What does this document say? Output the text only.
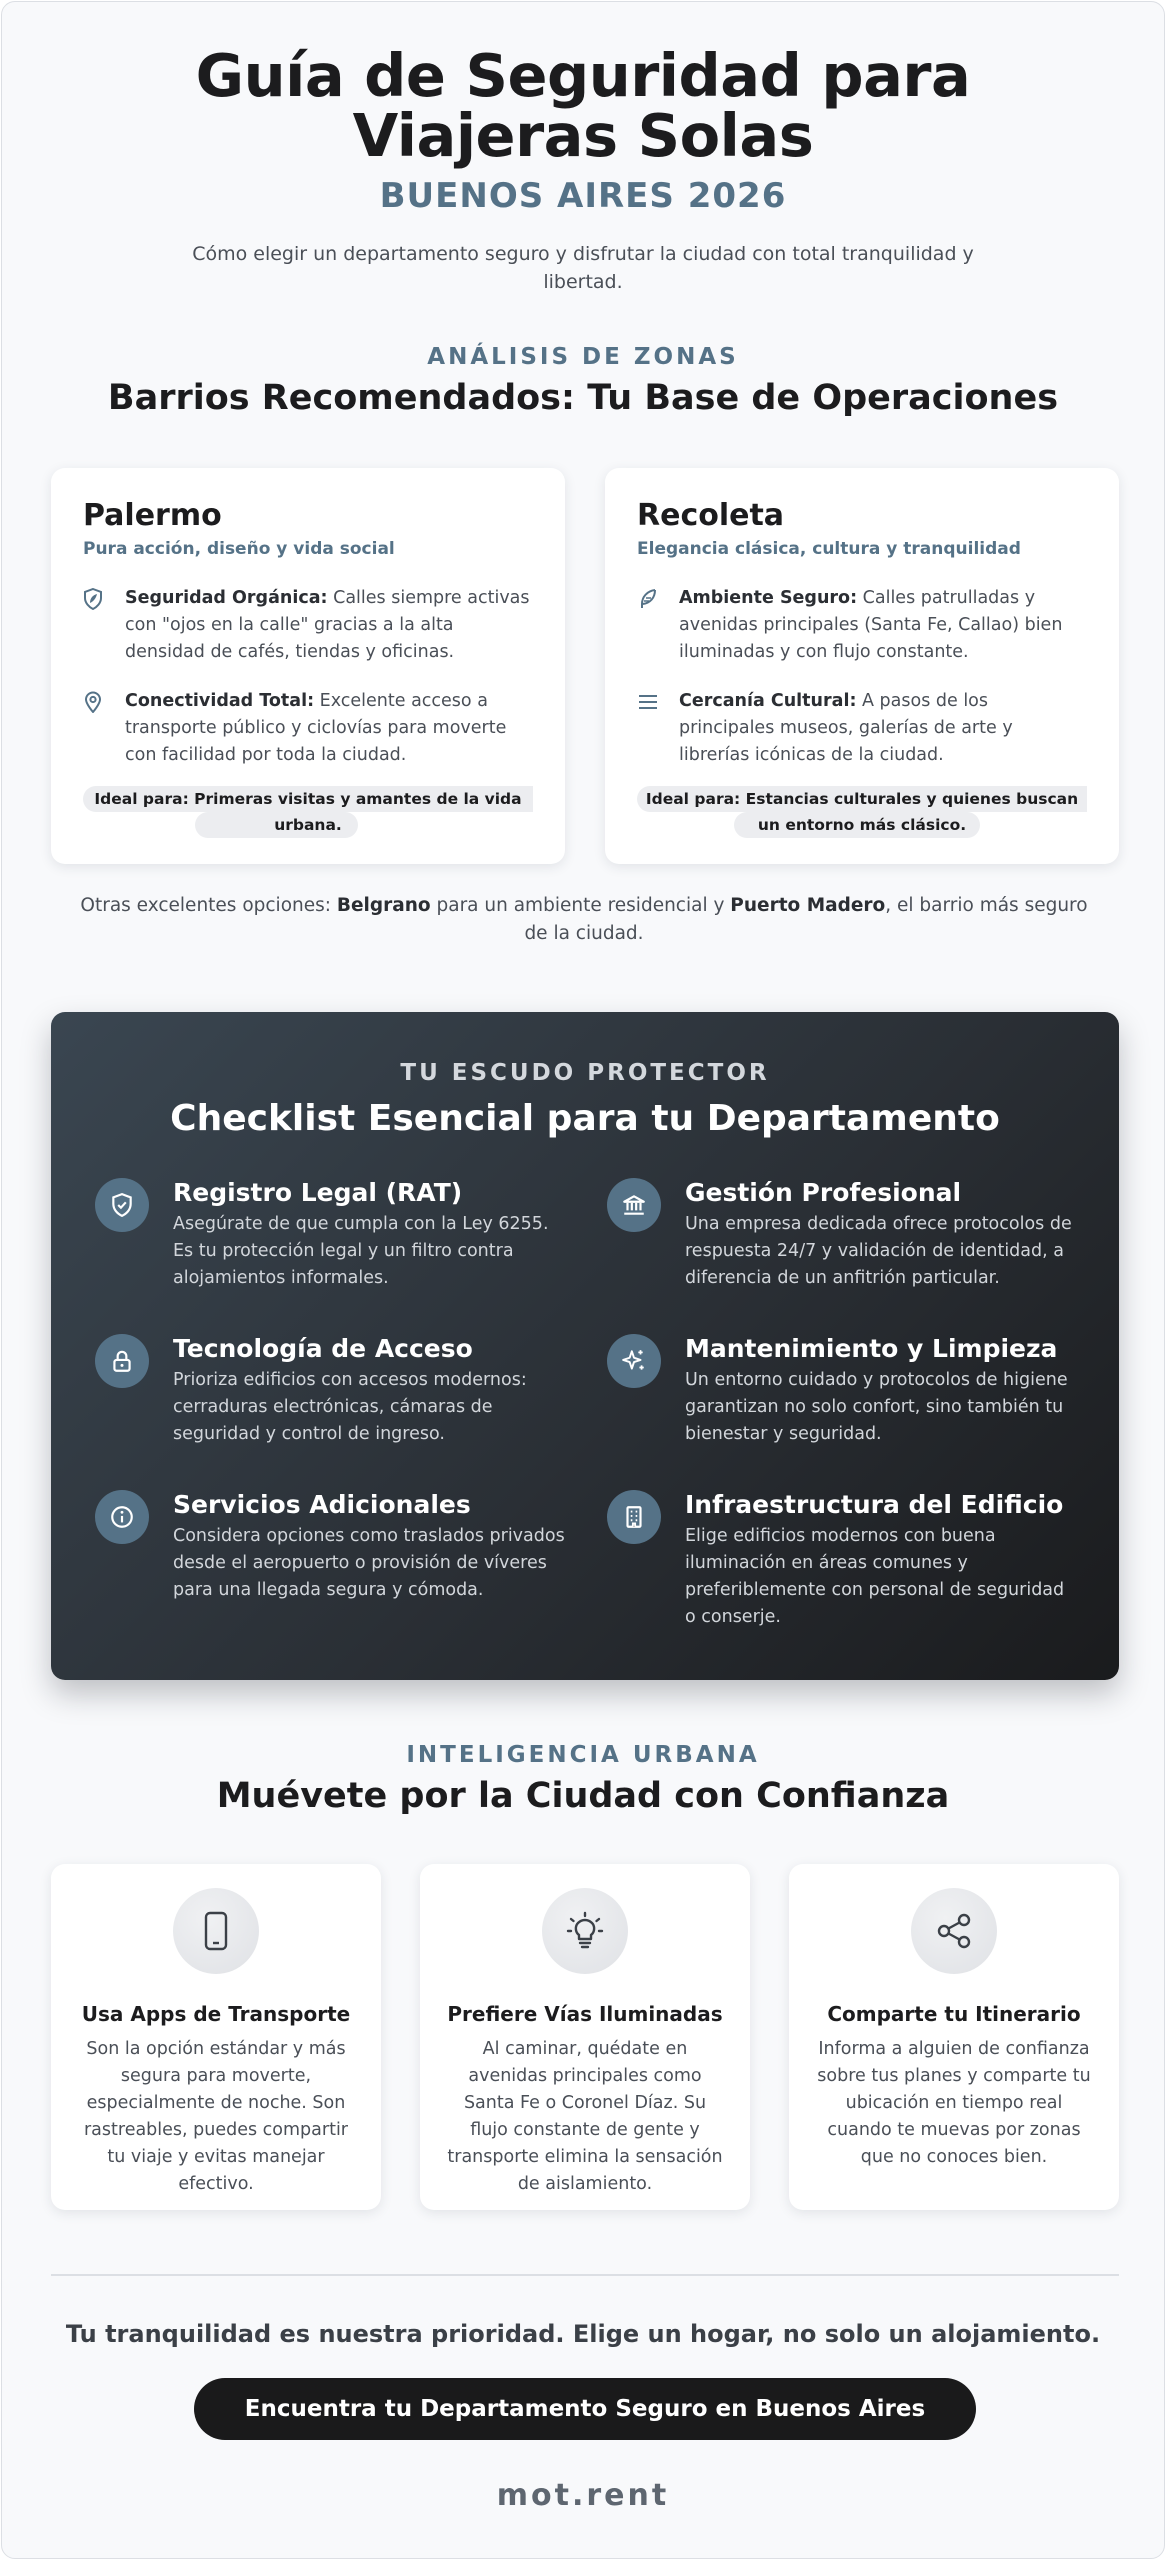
Guía de Seguridad para Viajeras Solas
BUENOS AIRES 2026

Cómo elegir un departamento seguro y disfrutar la ciudad con total tranquilidad y libertad.

ANÁLISIS DE ZONAS
Barrios Recomendados: Tu Base de Operaciones
Palermo
Pura acción, diseño y vida social
Seguridad Orgánica: Calles siempre activas con "ojos en la calle" gracias a la alta densidad de cafés, tiendas y oficinas.
Conectividad Total: Excelente acceso a transporte público y ciclovías para moverte con facilidad por toda la ciudad.
Ideal para: Primeras visitas y amantes de la vida urbana.
Recoleta
Elegancia clásica, cultura y tranquilidad
Ambiente Seguro: Calles patrulladas y avenidas principales (Santa Fe, Callao) bien iluminadas y con flujo constante.
Cercanía Cultural: A pasos de los principales museos, galerías de arte y librerías icónicas de la ciudad.
Ideal para: Estancias culturales y quienes buscan un entorno más clásico.

Otras excelentes opciones: Belgrano para un ambiente residencial y Puerto Madero, el barrio más seguro de la ciudad.

TU ESCUDO PROTECTOR
Checklist Esencial para tu Departamento
Registro Legal (RAT)

Asegúrate de que cumpla con la Ley 6255. Es tu protección legal y un filtro contra alojamientos informales.

Gestión Profesional

Una empresa dedicada ofrece protocolos de respuesta 24/7 y validación de identidad, a diferencia de un anfitrión particular.

Tecnología de Acceso

Prioriza edificios con accesos modernos: cerraduras electrónicas, cámaras de seguridad y control de ingreso.

Mantenimiento y Limpieza

Un entorno cuidado y protocolos de higiene garantizan no solo confort, sino también tu bienestar y seguridad.

Servicios Adicionales

Considera opciones como traslados privados desde el aeropuerto o provisión de víveres para una llegada segura y cómoda.

Infraestructura del Edificio

Elige edificios modernos con buena iluminación en áreas comunes y preferiblemente con personal de seguridad o conserje.

INTELIGENCIA URBANA
Muévete por la Ciudad con Confianza
Usa Apps de Transporte

Son la opción estándar y más segura para moverte, especialmente de noche. Son rastreables, puedes compartir tu viaje y evitas manejar efectivo.

Prefiere Vías Iluminadas

Al caminar, quédate en avenidas principales como Santa Fe o Coronel Díaz. Su flujo constante de gente y transporte elimina la sensación de aislamiento.

Comparte tu Itinerario

Informa a alguien de confianza sobre tus planes y comparte tu ubicación en tiempo real cuando te muevas por zonas que no conoces bien.

Tu tranquilidad es nuestra prioridad. Elige un hogar, no solo un alojamiento.

Encuentra tu Departamento Seguro en Buenos Aires
mot.rent
